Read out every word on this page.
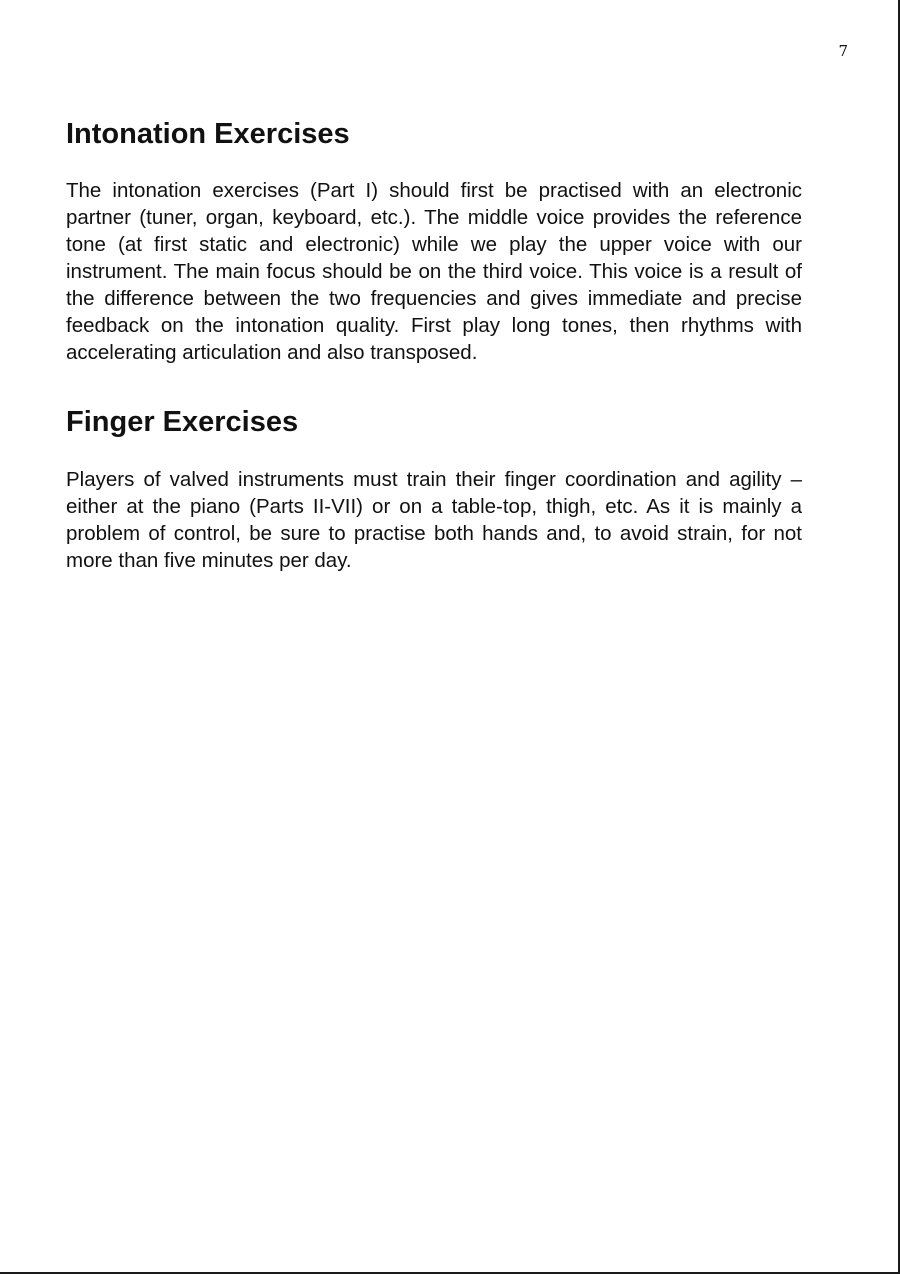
7
Intonation Exercises

The intonation exercises (Part I) should first be practised with an electronic partner (tuner, organ, keyboard, etc.). The middle voice provides the reference tone (at first static and electronic) while we play the upper voice with our instrument. The main focus should be on the third voice. This voice is a result of the difference between the two frequencies and gives immediate and precise feedback on the intonation quality. First play long tones, then rhythms with accelerating articulation and also transposed.

Finger Exercises

Players of valved instruments must train their finger coordination and agility – either at the piano (Parts II-VII) or on a table-top, thigh, etc. As it is mainly a problem of control, be sure to practise both hands and, to avoid strain, for not more than five minutes per day.
